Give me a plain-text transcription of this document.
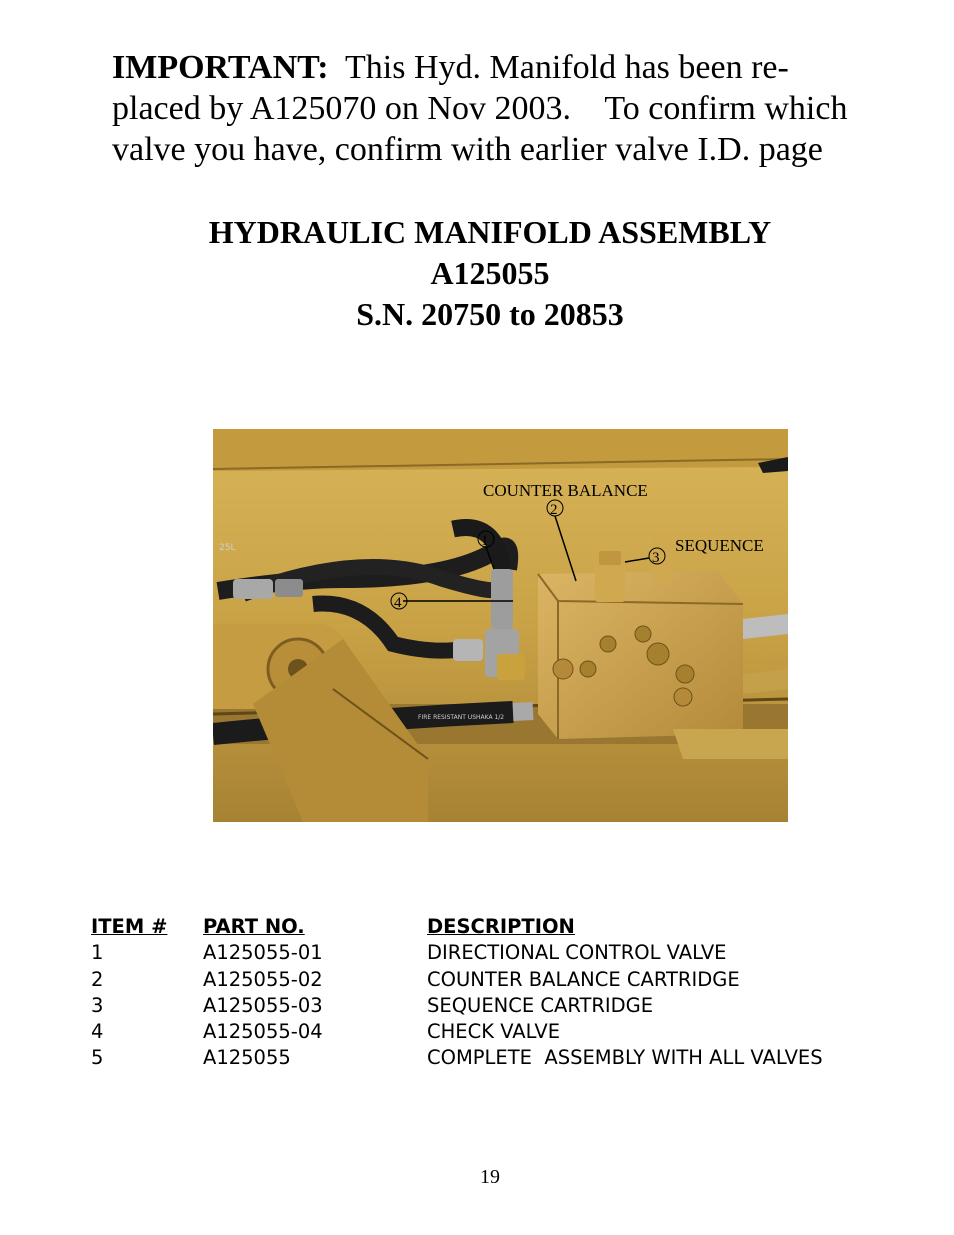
IMPORTANT: This Hyd. Manifold has been re-
placed by A125070 on Nov 2003.    To confirm which
valve you have, confirm with earlier valve I.D. page
HYDRAULIC MANIFOLD ASSEMBLY
A125055
S.N. 20750 to 20853
COUNTER BALANCE
SEQUENCE
2
1
3
4
FIRE RESISTANT USHAKA 1/2
25L
ITEM #	PART NO.	DESCRIPTION
1	A125055-01	DIRECTIONAL CONTROL VALVE
2	A125055-02	COUNTER BALANCE CARTRIDGE
3	A125055-03	SEQUENCE CARTRIDGE
4	A125055-04	CHECK VALVE
5	A125055	COMPLETE  ASSEMBLY WITH ALL VALVES
19
